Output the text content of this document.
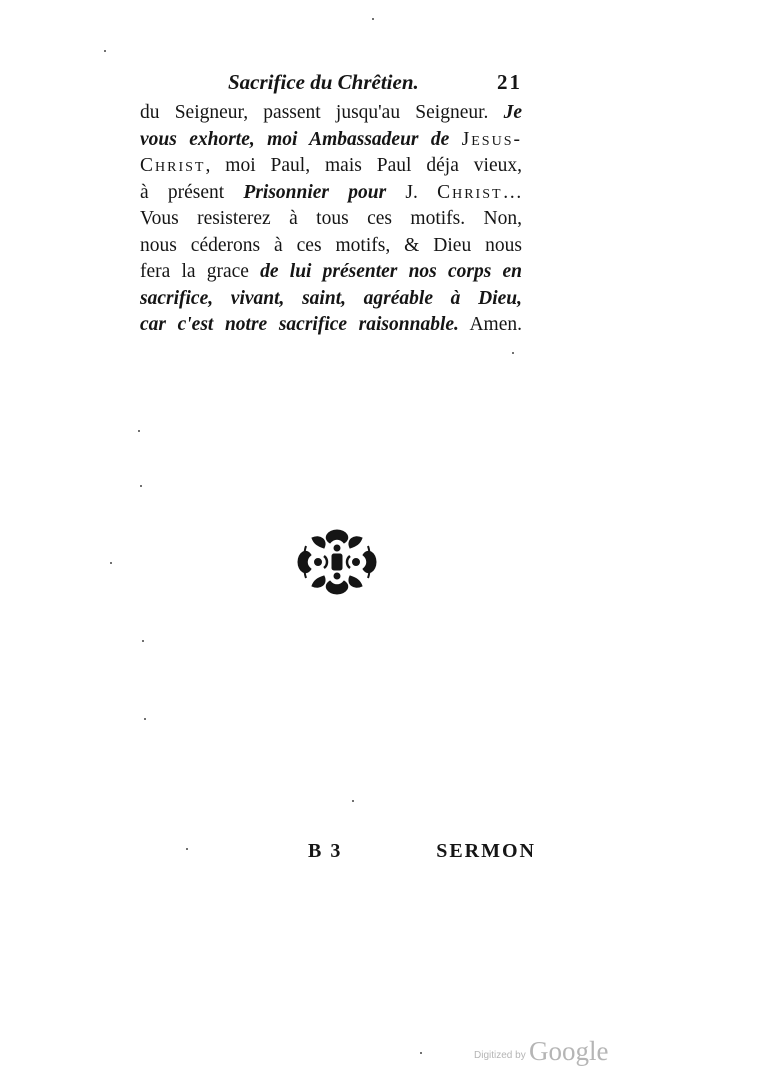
Sacrifice du Chrêtien.	21
du Seigneur, passent jusqu'au Seigneur. Je
vous exhorte, moi Ambassadeur de Jesus-
Christ, moi Paul, mais Paul déja vieux,
à présent Prisonnier pour J. Christ…
Vous resisterez à tous ces motifs. Non,
nous céderons à ces motifs, & Dieu nous
fera la grace de lui présenter nos corps en
sacrifice, vivant, saint, agréable à Dieu,
car c'est notre sacrifice raisonnable. Amen.
B 3	SERMON
Digitized by Google
